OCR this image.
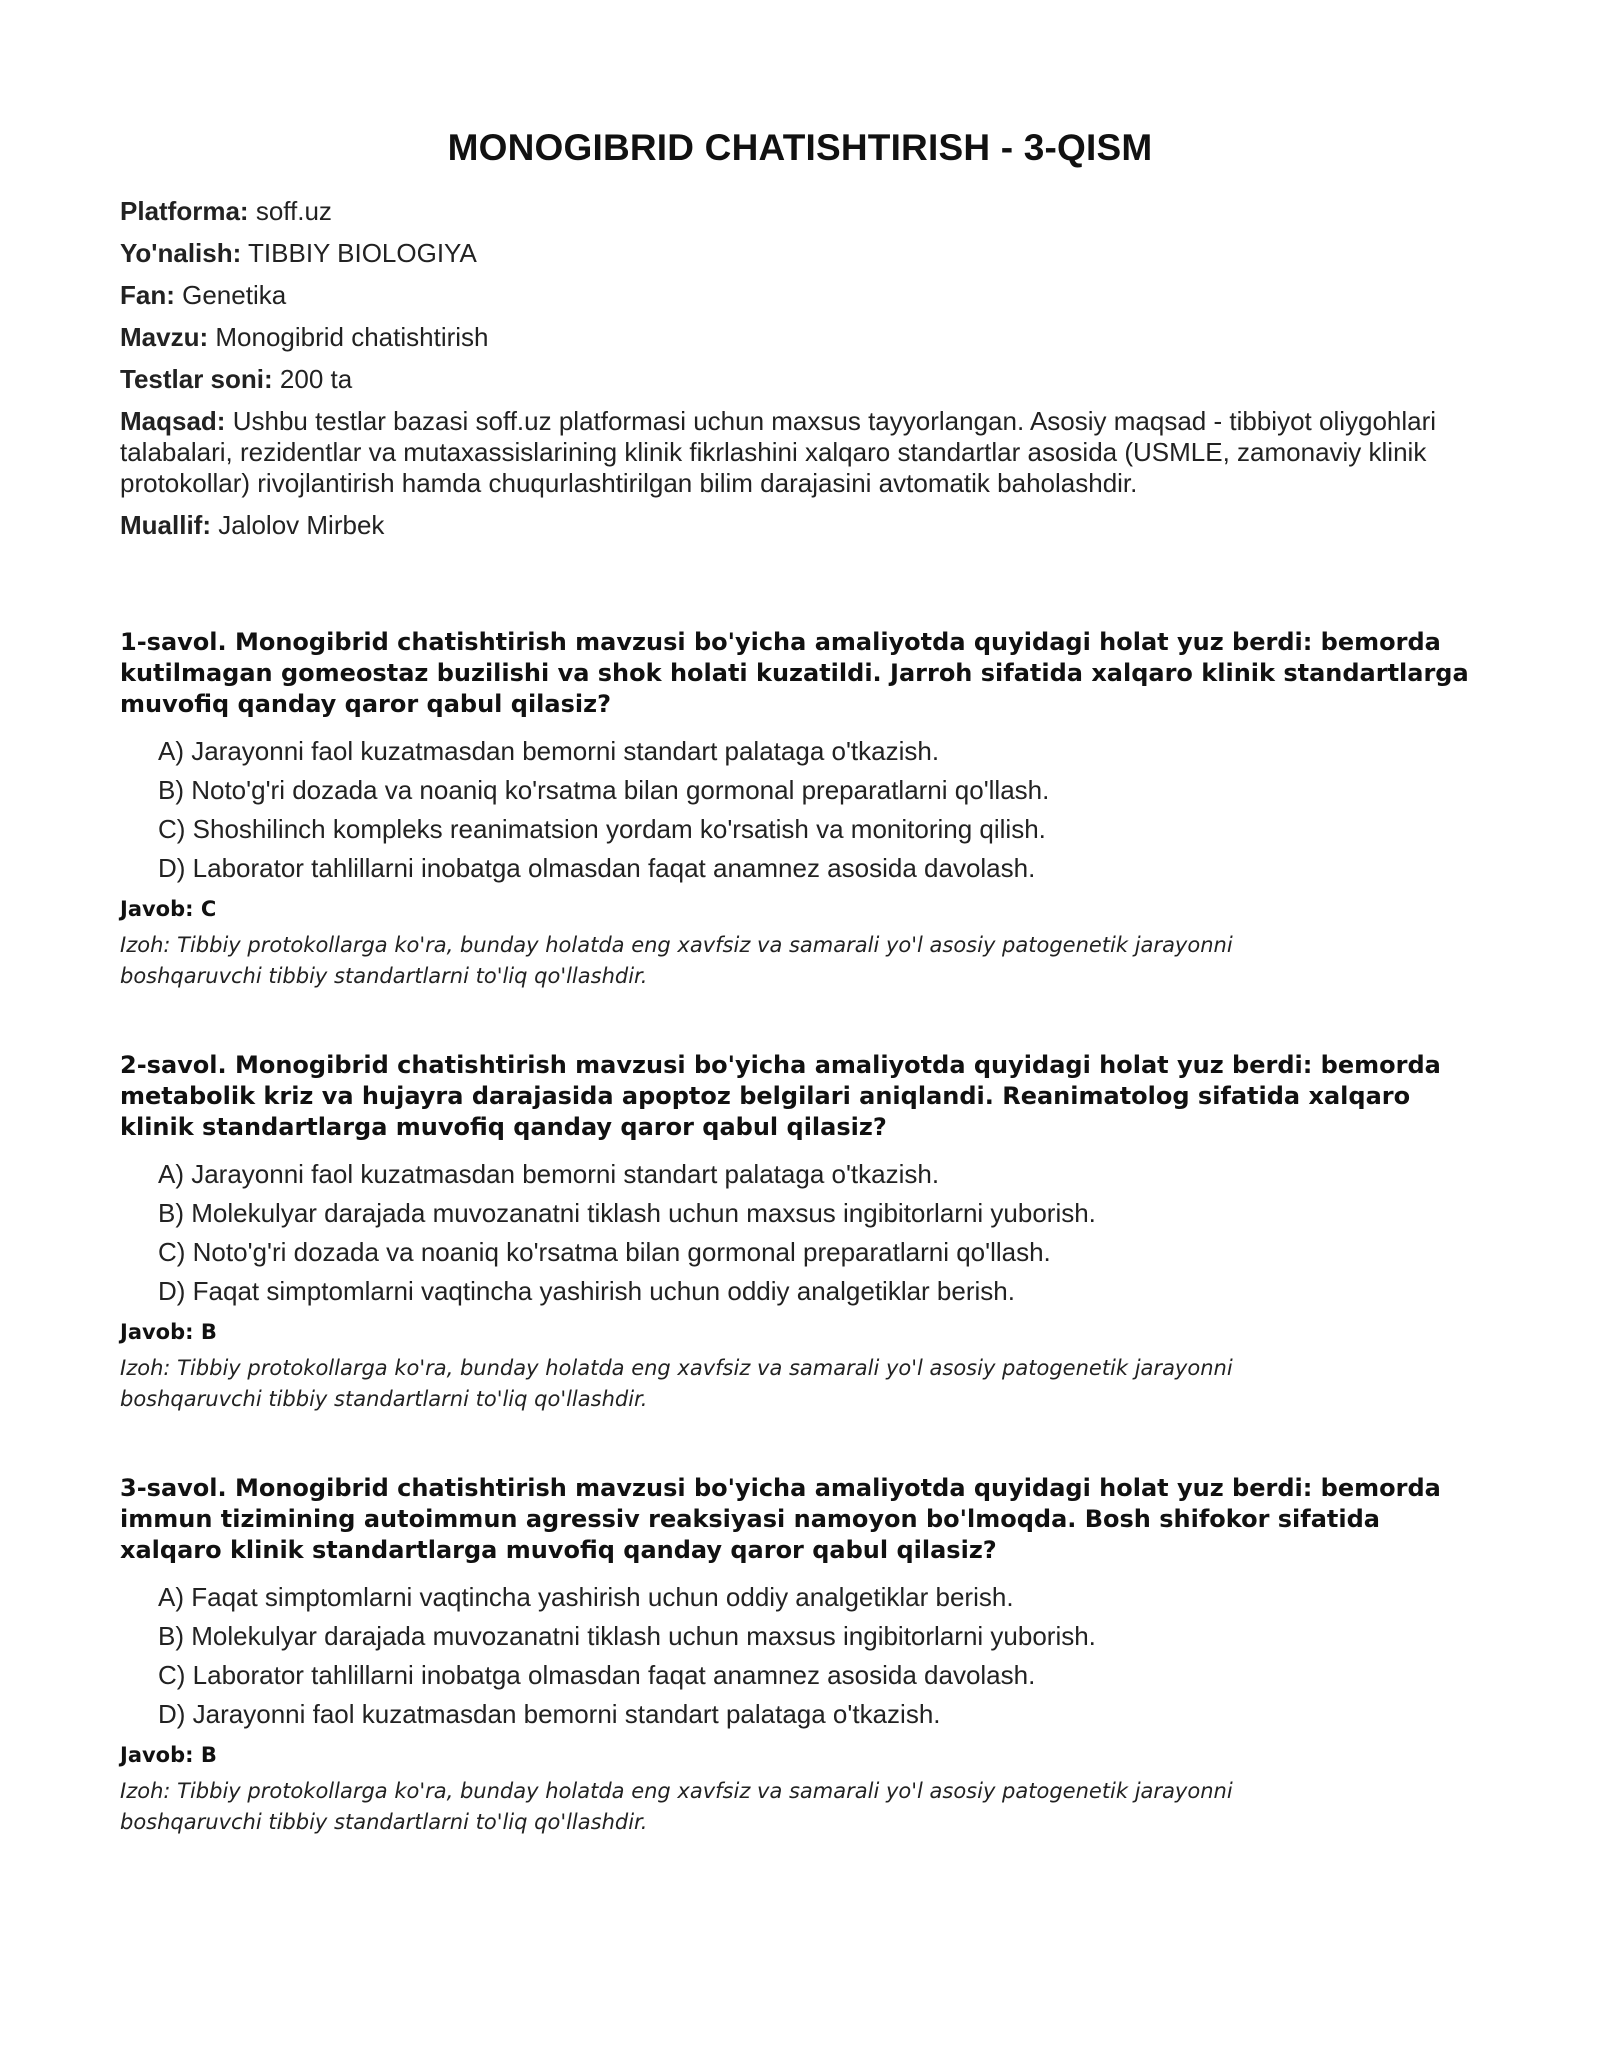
MONOGIBRID CHATISHTIRISH - 3-QISM
Platforma: soff.uz
Yo'nalish: TIBBIY BIOLOGIYA
Fan: Genetika
Mavzu: Monogibrid chatishtirish
Testlar soni: 200 ta
Maqsad: Ushbu testlar bazasi soff.uz platformasi uchun maxsus tayyorlangan. Asosiy maqsad - tibbiyot oliygohlari talabalari, rezidentlar va mutaxassislarining klinik fikrlashini xalqaro standartlar asosida (USMLE, zamonaviy klinik protokollar) rivojlantirish hamda chuqurlashtirilgan bilim darajasini avtomatik baholashdir.
Muallif: Jalolov Mirbek
1-savol. Monogibrid chatishtirish mavzusi bo'yicha amaliyotda quyidagi holat yuz berdi: bemorda kutilmagan gomeostaz buzilishi va shok holati kuzatildi. Jarroh sifatida xalqaro klinik standartlarga muvofiq qanday qaror qabul qilasiz?
A) Jarayonni faol kuzatmasdan bemorni standart palataga o'tkazish.
B) Noto'g'ri dozada va noaniq ko'rsatma bilan gormonal preparatlarni qo'llash.
C) Shoshilinch kompleks reanimatsion yordam ko'rsatish va monitoring qilish.
D) Laborator tahlillarni inobatga olmasdan faqat anamnez asosida davolash.
Javob: C
Izoh: Tibbiy protokollarga ko'ra, bunday holatda eng xavfsiz va samarali yo'l asosiy patogenetik jarayonni boshqaruvchi tibbiy standartlarni to'liq qo'llashdir.
2-savol. Monogibrid chatishtirish mavzusi bo'yicha amaliyotda quyidagi holat yuz berdi: bemorda metabolik kriz va hujayra darajasida apoptoz belgilari aniqlandi. Reanimatolog sifatida xalqaro klinik standartlarga muvofiq qanday qaror qabul qilasiz?
A) Jarayonni faol kuzatmasdan bemorni standart palataga o'tkazish.
B) Molekulyar darajada muvozanatni tiklash uchun maxsus ingibitorlarni yuborish.
C) Noto'g'ri dozada va noaniq ko'rsatma bilan gormonal preparatlarni qo'llash.
D) Faqat simptomlarni vaqtincha yashirish uchun oddiy analgetiklar berish.
Javob: B
Izoh: Tibbiy protokollarga ko'ra, bunday holatda eng xavfsiz va samarali yo'l asosiy patogenetik jarayonni boshqaruvchi tibbiy standartlarni to'liq qo'llashdir.
3-savol. Monogibrid chatishtirish mavzusi bo'yicha amaliyotda quyidagi holat yuz berdi: bemorda immun tizimining autoimmun agressiv reaksiyasi namoyon bo'lmoqda. Bosh shifokor sifatida xalqaro klinik standartlarga muvofiq qanday qaror qabul qilasiz?
A) Faqat simptomlarni vaqtincha yashirish uchun oddiy analgetiklar berish.
B) Molekulyar darajada muvozanatni tiklash uchun maxsus ingibitorlarni yuborish.
C) Laborator tahlillarni inobatga olmasdan faqat anamnez asosida davolash.
D) Jarayonni faol kuzatmasdan bemorni standart palataga o'tkazish.
Javob: B
Izoh: Tibbiy protokollarga ko'ra, bunday holatda eng xavfsiz va samarali yo'l asosiy patogenetik jarayonni boshqaruvchi tibbiy standartlarni to'liq qo'llashdir.
